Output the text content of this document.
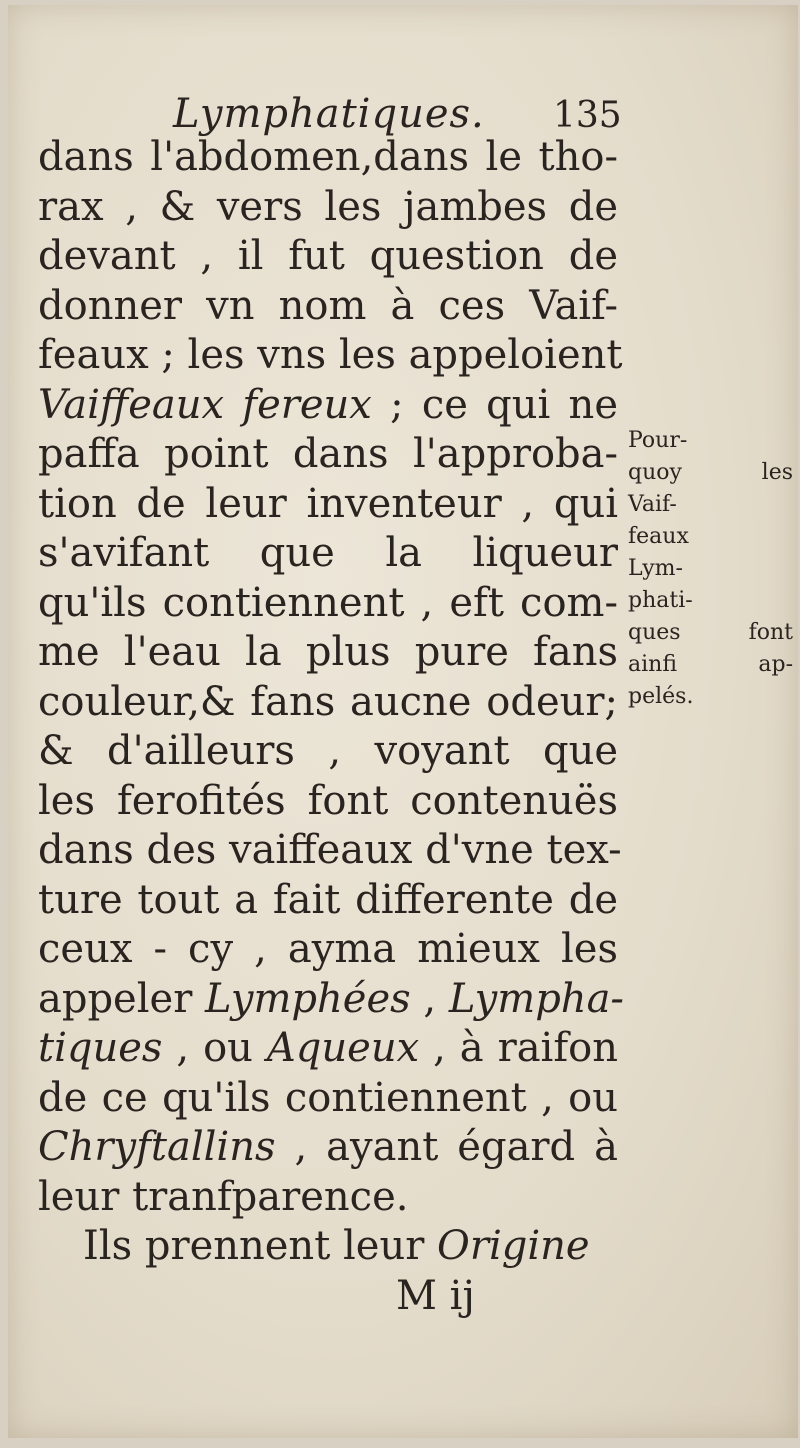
Lymphatiques. 135
dans l'abdomen,dans le tho-
rax , & vers les jambes de
devant , il fut question de
donner vn nom à ces Vaif-
feaux ; les vns les appeloient
Vaiffeaux fereux ; ce qui ne
paffa point dans l'approba-
tion de leur inventeur , qui
s'avifant que la liqueur
qu'ils contiennent , eft com-
me l'eau la plus pure fans
couleur,& fans aucne odeur;
& d'ailleurs , voyant que
les ferofités font contenuës
dans des vaiffeaux d'vne tex-
ture tout a fait differente de
ceux - cy , ayma mieux les
appeler Lymphées , Lympha-
tiques , ou Aqueux , à raifon
de ce qu'ils contiennent , ou
Chryftallins , ayant égard à
leur tranfparence.
Ils prennent leur Origine
M ij
Pour-
quoy les
Vaif-
feaux
Lym-
phati-
ques font
ainfi ap-
pelés.
